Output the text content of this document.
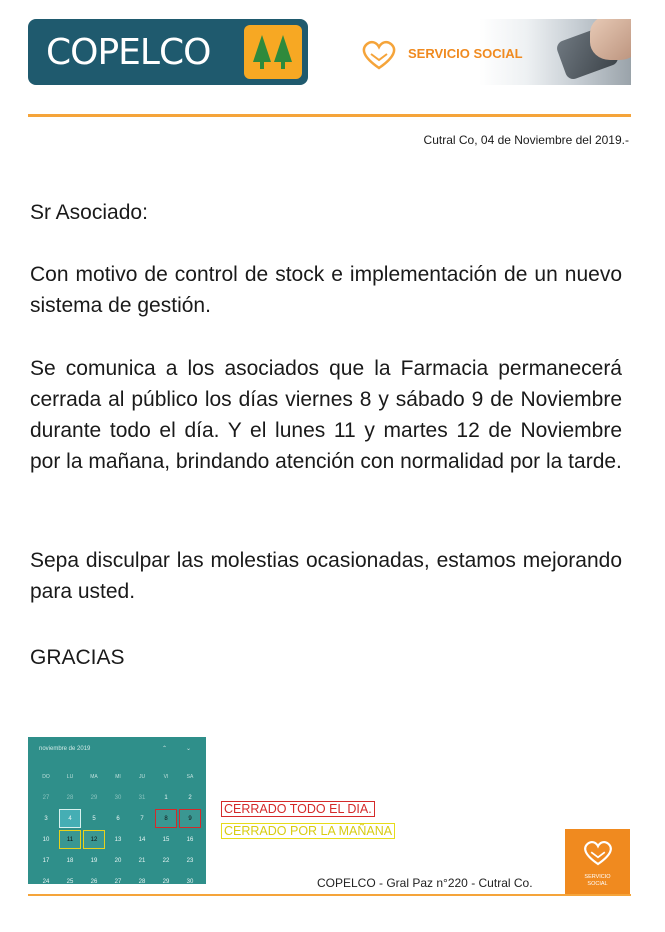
COPELCO	SERVICIO SOCIAL
Cutral Co, 04 de Noviembre del 2019.-

Sr Asociado:

Con motivo de control de stock e implementación de un nuevo sistema de gestión.

Se comunica a los asociados que la Farmacia permanecerá cerrada al público los días viernes 8 y sábado 9 de Noviembre durante todo el día. Y el lunes 11 y martes 12 de Noviembre por la mañana, brindando atención con normalidad por la tarde.

Sepa disculpar las molestias ocasionadas, estamos mejorando para usted.

GRACIAS

noviembre de 2019	⌃	⌄
DO	LU	MA	MI	JU	VI	SA
27	28	29	30	31	1	2
3	4	5	6	7	8	9
10	11	12	13	14	15	16
17	18	19	20	21	22	23
24	25	26	27	28	29	30
CERRADO TODO EL DIA.
CERRADO POR LA MAÑANA
COPELCO - Gral Paz n°220 - Cutral Co.	SERVICIO
SOCIAL
